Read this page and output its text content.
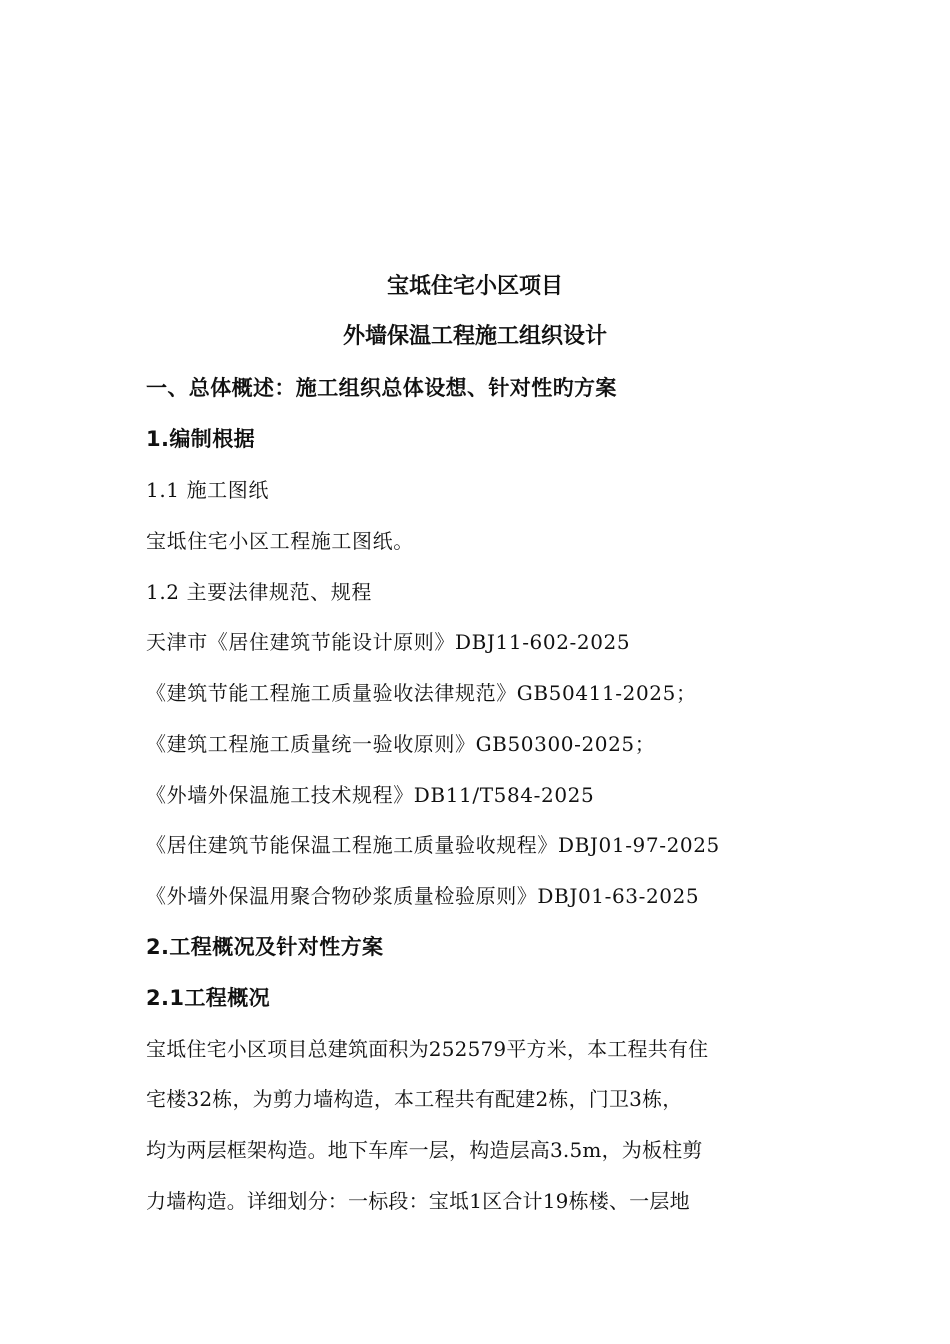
宝坻住宅小区项目
外墙保温工程施工组织设计
一、总体概述：施工组织总体设想、针对性旳方案
1.编制根据
1.1 施工图纸
宝坻住宅小区工程施工图纸。
1.2 主要法律规范、规程
天津市《居住建筑节能设计原则》DBJ11-602-2025
《建筑节能工程施工质量验收法律规范》GB50411-2025；
《建筑工程施工质量统一验收原则》GB50300-2025；
《外墙外保温施工技术规程》DB11/T584-2025
《居住建筑节能保温工程施工质量验收规程》DBJ01-97-2025
《外墙外保温用聚合物砂浆质量检验原则》DBJ01-63-2025
2.工程概况及针对性方案
2.1工程概况
宝坻住宅小区项目总建筑面积为252579平方米，本工程共有住
宅楼32栋，为剪力墙构造，本工程共有配建2栋，门卫3栋，
均为两层框架构造。地下车库一层，构造层高3.5m，为板柱剪
力墙构造。详细划分：一标段：宝坻1区合计19栋楼、一层地
